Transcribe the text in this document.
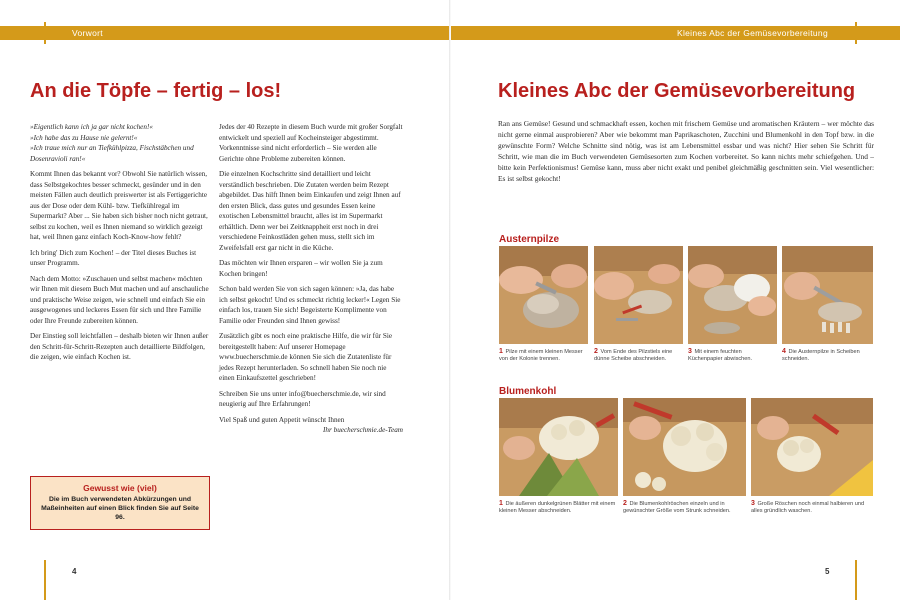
Vorwort	Kleines Abc der Gemüsevorbereitung
An die Töpfe – fertig – los!

»Eigentlich kann ich ja gar nicht kochen!«

»Ich habe das zu Hause nie gelernt!«

»Ich traue mich nur an Tiefkühlpizza, Fischstäbchen und Dosenravioli ran!«

Kommt Ihnen das bekannt vor? Obwohl Sie natürlich wissen, dass Selbstgekochtes besser schmeckt, gesünder und in den meisten Fällen auch deutlich preiswerter ist als Fertiggerichte aus der Dose oder dem Kühl- bzw. Tiefkühlregal im Supermarkt? Aber ... Sie haben sich bisher noch nicht getraut, selbst zu kochen, weil es Ihnen niemand so wirklich gezeigt hat, weil Ihnen ganz einfach Koch-Know-how fehlt?

Ich bring' Dich zum Kochen! – der Titel dieses Buches ist unser Programm.

Nach dem Motto: »Zuschauen und selbst machen« möchten wir Ihnen mit diesem Buch Mut machen und auf anschauliche und praktische Weise zeigen, wie schnell und einfach Sie ein ausgewogenes und leckeres Essen für sich und Ihre Familie oder Ihre Freunde zubereiten können.

Der Einstieg soll leichtfallen – deshalb bieten wir Ihnen außer den Schritt-für-Schritt-Rezepten auch detaillierte Bildfolgen, die zeigen, wie einfach Kochen ist.

Jedes der 40 Rezepte in diesem Buch wurde mit großer Sorgfalt entwickelt und speziell auf Kocheinsteiger abgestimmt. Vorkenntnisse sind nicht erforderlich – Sie werden alle Gerichte ohne Probleme zubereiten können.

Die einzelnen Kochschritte sind detailliert und leicht verständlich beschrieben. Die Zutaten werden beim Rezept abgebildet. Das hilft Ihnen beim Einkaufen und zeigt Ihnen auf den ersten Blick, dass gutes und gesundes Essen keine exotischen Lebensmittel braucht, alles ist im Supermarkt erhältlich. Denn wer bei Zeitknappheit erst noch in drei verschiedene Feinkostläden gehen muss, stellt sich im Zweifelsfall erst gar nicht in die Küche.

Das möchten wir Ihnen ersparen – wir wollen Sie ja zum Kochen bringen!

Schon bald werden Sie von sich sagen können: »Ja, das habe ich selbst gekocht! Und es schmeckt richtig lecker!« Legen Sie einfach los, trauen Sie sich! Begeisterte Komplimente von Familie oder Freunden sind Ihnen gewiss!

Zusätzlich gibt es noch eine praktische Hilfe, die wir für Sie bereitgestellt haben: Auf unserer Homepage www.buecherschmie.de können Sie sich die Zutatenliste für jedes Rezept herunterladen. So schnell haben Sie noch nie einen Einkaufszettel geschrieben!

Schreiben Sie uns unter info@buecherschmie.de, wir sind neugierig auf Ihre Erfahrungen!

Viel Spaß und guten Appetit wünscht Ihnen

Ihr buecherschmie.de-Team

Gewusst wie (viel)
Die im Buch verwendeten Abkürzungen und Maßeinheiten auf einen Blick finden Sie auf Seite 96.
4
Kleines Abc der Gemüsevorbereitung
Ran ans Gemüse! Gesund und schmackhaft essen, kochen mit frischem Gemüse und aromatischen Kräutern – wer möchte das nicht gerne einmal ausprobieren? Aber wie bekommt man Paprikaschoten, Zucchini und Blumenkohl in den Topf bzw. in die gewünschte Form? Welche Schnitte sind nötig, was ist am Lebensmittel essbar und was nicht? Hier sehen Sie Schritt für Schritt, wie man die im Buch verwendeten Gemüsesorten zum Kochen vorbereitet. So kann nichts mehr schiefgehen. Und – bitte kein Perfektionismus! Gemüse kann, muss aber nicht exakt und penibel gleichmäßig geschnitten sein. Viel wesentlicher: Es ist selbst gekocht!
Austernpilze
1 Pilze mit einem kleinen Messer von der Kolonie trennen.
2 Vom Ende des Pilzstiels eine dünne Scheibe abschneiden.
3 Mit einem feuchten Küchenpapier abwischen.
4 Die Austernpilze in Scheiben schneiden.
Blumenkohl
1 Die äußeren dunkelgrünen Blätter mit einem kleinen Messer abschneiden.
2 Die Blumenkohlröschen einzeln und in gewünschter Größe vom Strunk schneiden.
3 Große Röschen noch einmal halbieren und alles gründlich waschen.
5
